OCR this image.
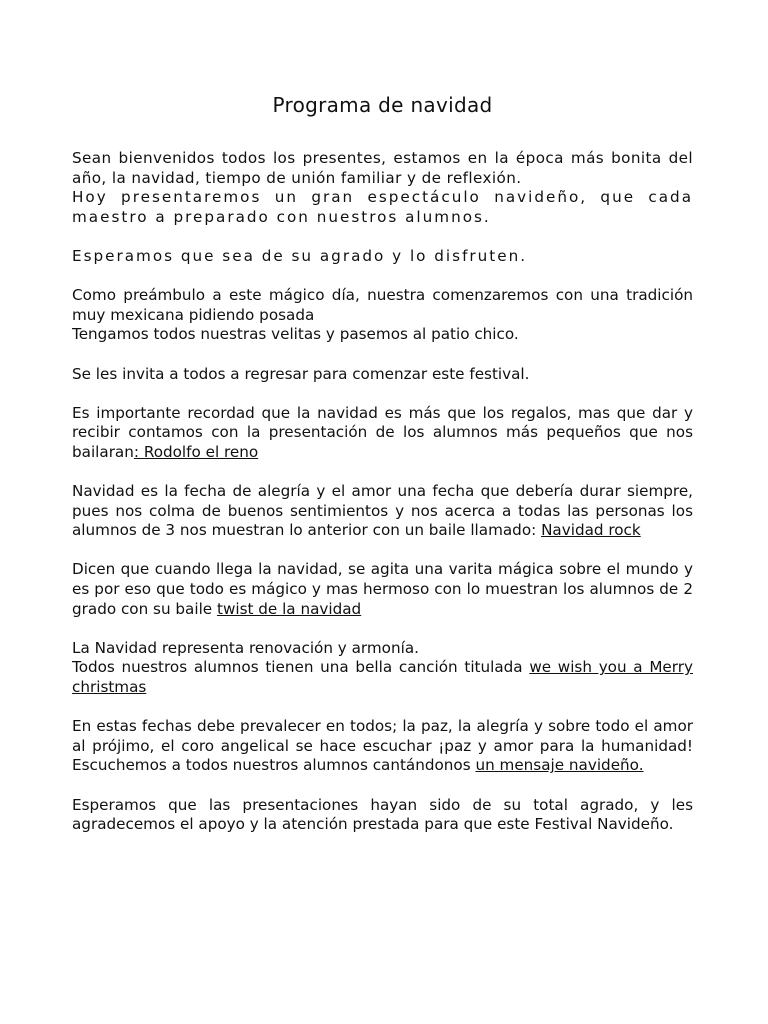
Programa de navidad

Sean bienvenidos todos los presentes, estamos en la época más bonita del año, la navidad, tiempo de unión familiar y de reflexión.
Hoy presentaremos un gran espectáculo navideño, que cada maestro a preparado con nuestros alumnos.

Esperamos que sea de su agrado y lo disfruten.

Como preámbulo a este mágico día, nuestra comenzaremos con una tradición muy mexicana pidiendo posada
Tengamos todos nuestras velitas y pasemos al patio chico.

Se les invita a todos a regresar para comenzar este festival.

Es importante recordad que la navidad es más que los regalos, mas que dar y recibir contamos con la presentación de los alumnos más pequeños que nos bailaran: Rodolfo el reno

Navidad es la fecha de alegría y el amor una fecha que debería durar siempre, pues nos colma de buenos sentimientos y nos acerca a todas las personas los alumnos de 3 nos muestran lo anterior con un baile llamado: Navidad rock

Dicen que cuando llega la navidad, se agita una varita mágica sobre el mundo y es por eso que todo es mágico y mas hermoso con lo muestran los alumnos de 2 grado con su baile twist de la navidad

La Navidad representa renovación y armonía.
Todos nuestros alumnos tienen una bella canción titulada we wish you a Merry christmas

En estas fechas debe prevalecer en todos; la paz, la alegría y sobre todo el amor al prójimo, el coro angelical se hace escuchar ¡paz y amor para la humanidad! Escuchemos a todos nuestros alumnos cantándonos un mensaje navideño.

Esperamos que las presentaciones hayan sido de su total agrado, y les agradecemos el apoyo y la atención prestada para que este Festival Navideño.
